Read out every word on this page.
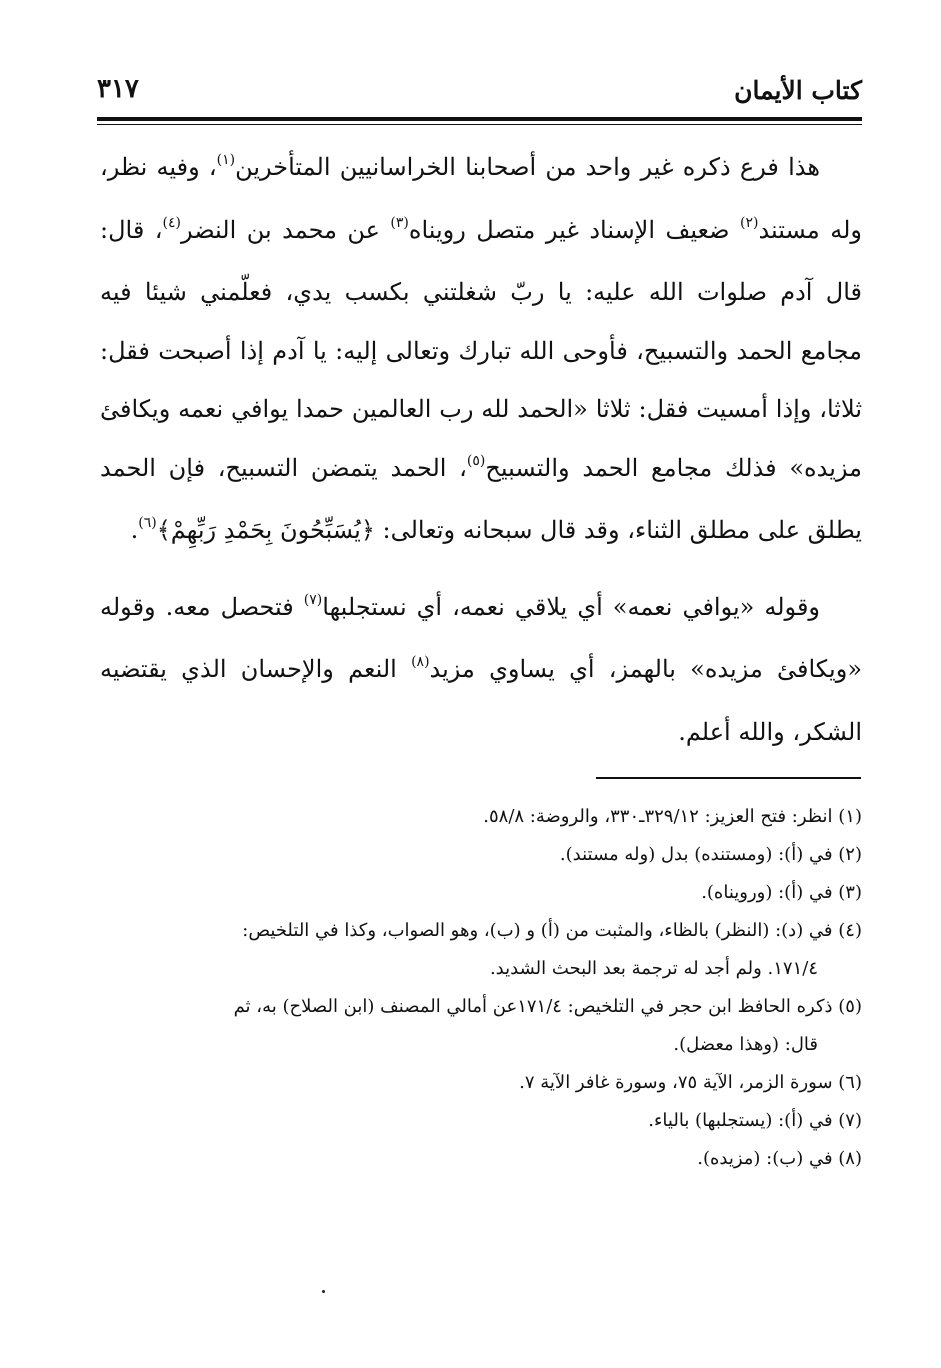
كتاب الأيمان
٣١٧

هذا فرع ذكره غير واحد من أصحابنا الخراسانيين المتأخرين$^{(١)}$، وفيه نظر، وله مستند$^{(٢)}$ ضعيف الإسناد غير متصل رويناه$^{(٣)}$ عن محمد بن النضر$^{(٤)}$، قال: قال آدم صلوات الله عليه: يا ربّ شغلتني بكسب يدي، فعلّمني شيئا فيه مجامع الحمد والتسبيح، فأوحى الله تبارك وتعالى إليه: يا آدم إذا أصبحت فقل: ثلاثا، وإذا أمسيت فقل: ثلاثا «الحمد لله رب العالمين حمدا يوافي نعمه ويكافئ مزيده» فذلك مجامع الحمد والتسبيح$^{(٥)}$، الحمد يتمضن التسبيح، فإن الحمد يطلق على مطلق الثناء، وقد قال سبحانه وتعالى: ﴿يُسَبِّحُونَ بِحَمْدِ رَبِّهِمْ﴾$^{(٦)}$.

وقوله «يوافي نعمه» أي يلاقي نعمه، أي نستجلبها$^{(٧)}$ فتحصل معه. وقوله «ويكافئ مزيده» بالهمز، أي يساوي مزيد$^{(٨)}$ النعم والإحسان الذي يقتضيه الشكر، والله أعلم.

(١) انظر: فتح العزيز: ٣٢٩/١٢ـ٣٣٠، والروضة: ٥٨/٨.

(٢) في (أ): (ومستنده) بدل (وله مستند).

(٣) في (أ): (ورويناه).

(٤) في (د): (النظر) بالظاء، والمثبت من (أ) و (ب)، وهو الصواب، وكذا في التلخيص:
١٧١/٤. ولم أجد له ترجمة بعد البحث الشديد.

(٥) ذكره الحافظ ابن حجر في التلخيص: ١٧١/٤عن أمالي المصنف (ابن الصلاح) به، ثم
قال: (وهذا معضل).

(٦) سورة الزمر، الآية ٧٥، وسورة غافر الآية ٧.

(٧) في (أ): (يستجلبها) بالياء.

(٨) في (ب): (مزيده).
